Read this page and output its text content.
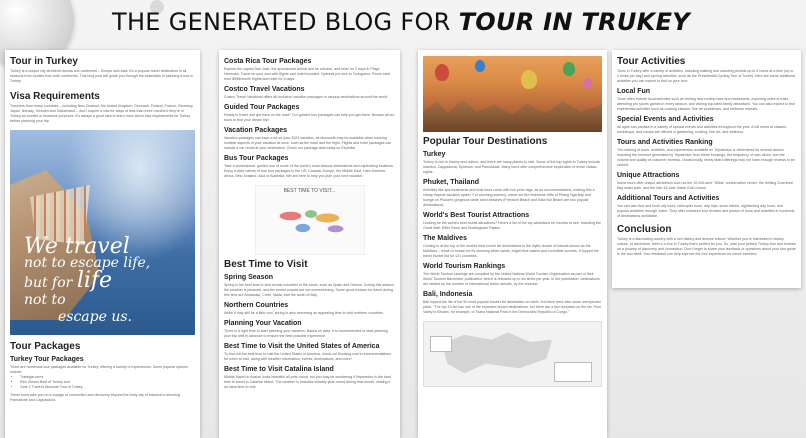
THE GENERATED BLOG FOR TOUR IN TRUKEY
Tour in Turkey
Turkey is a unique city stretched across two continents – Europe and Asia. It's a popular travel destination in all seasons from tourists from both continents. This blog post will guide you through the essentials of planning a tour in Turkey.
Visa Requirements
Travelers from many countries – including New Zealand, the United Kingdom, Denmark, Finland, France, Germany, Japan, Norway, Sweden and Switzerland – don't require a visa for stays of less than three months if they're in Turkey as tourists or business purposes. It's always a good idea to learn more about visa requirements for Turkey before planning your trip.
We travel
not to escape life,
but for life
not to
escape us.
Tour Packages
Turkey Tour Packages
There are numerous tour packages available for Turkey, offering a variety of experiences. Some popular options include:
• Trafalgar tours
• Rick Steves Best of Turkey tour
• Gate 1 Travel's Absolute Tour of Turkey
These tours take you on a voyage of connection and discovery beyond the lively city of Istanbul to stunning Pamukkale and Cappadocia.
Costa Rica Tour Packages
Explore the capital San José, the spectacular Arenal and its volcano, and relax for 3 days in Playa Hermosa. Travel on your own with flights and hotel included. Optional pre-tour to Tortuguero. Prices start from $598/month flights and hotel for 8 days.
Costco Travel Vacations
Costco Travel Vacations offers all-inclusive vacation packages to various destinations around the world.
Guided Tour Packages
Ready to travel and get back on the road? Our guided tour packages can help you get there. Browse all our tours to find your dream trip!
Vacation Packages
Vacation packages can save a lot on your 2024 vacation, as discounts may be available when booking multiple aspects of your vacation at once, such as the hotel and the flight. Flights and hotel packages can include a car rental at your destination. Check our package deal today on Expedia!
Bus Tour Packages
Take a professional, guided tour of some of the world's most famous destinations and captivating locations. Enjoy a wide variety of bus tour packages in the US, Canada, Europe, the Middle East, Latin America, Africa, New Zealand, Asia or Australia. We are here to help you plan your next vacation.
BEST TIME TO VISIT...
Best Time to Visit
Spring Season
Spring is the best time to visit certain countries in the south, such as Spain and Greece. During this season, the weather is pleasant, and the tourist crowds are not overwhelming. Some good choices for travel during this time are Andalusia, Crete, Malta, and the south of Italy.
Northern Countries
While it may still be a little cool, spring is also becoming an appealing time to visit northern countries.
Planning Your Vacation
There is a right time to start planning your vacation. Based on data, it is recommended to start planning your trip well in advance to ensure the best possible experience.
Best Time to Visit the United States of America
To find out the best time to visit the United States of America, check out Booking.com's recommendations for when to visit, along with weather information, events, destinations, and more!
Best Time to Visit Catalina Island
Middle March in Avalon looks beautiful all year round, but you may be wondering if September is the best time to travel to Catalina Island. The weather is beautiful virtually year-round during that month, making it an ideal time to visit.
Popular Tour Destinations
Turkey
Turkey is rich in history and culture, and there are many places to visit. Some of the top sights in Turkey include Istanbul, Cappadocia, Ephesus, and Pamukkale. Many tours offer comprehensive exploration of these classic sights.
Phuket, Thailand
Activities like spa treatments and boat tours come with low price tags, as do accommodations, making this a cheap tropical vacation option. For stunning scenery, check out the limestone cliffs of Phang Nga Bay and lounge on Phuket's gorgeous white sand beaches (Freedom Beach and Kata Noi Beach are two popular destinations).
World's Best Tourist Attractions
Looking for the world's best tourist attractions? Here's a list of the top attractions for tourists to see, including the Great Wall, Eiffel Tower and Buckingham Palace.
The Maldives
Coming in at the top of the world's best tourist list destinations is the idyllic cluster of islands known as the Maldives – which is known for its stunning white sands, bright blue waters and incredible sunsets. It topped the travel bucket list for 121 countries.
World Tourism Rankings
The World Tourism rankings are compiled by the United Nations World Tourism Organization as part of their World Tourism Barometer publication, which is released up to six times per year. In the publication, destinations are ranked by the number of international visitor arrivals, by the revenue.
Bali, Indonesia
Bali topped the list of the 50 most popular bucket list destination on earth, but there were also some unexpected picks. "The top 10 list has one of the expected dream destinations, but there are a few surprises on the list. Pure Valley in Bhutan, for example, or Tsavo National Park in the Democratic Republic of Congo."
Tour Activities
Tours in Turkey offer a variety of activities, including walking and standing periods up to 4 hours at a time (up to 2 times per day) and cycling activities, such as the Presidential Cycling Tour of Turkey. Here are some additional activities you can expect to find on your tour:
Local Fun
Tours often include local activities such as visiting new rooftop bars and restaurants, exploring miles of trails, attending pro sports games in every season, and visiting top-rated family attractions. You can also expect to find experiential activities such as cooking classes, fine art workshops, and wellness retreats.
Special Events and Activities
All ages can partake in a variety of special events and activities throughout the year. A full menu of classes, workshops, and camps are offered in gardening, cooking, fine art, and wellness.
Tours and Activities Ranking
The ranking of tours, activities, and experiences available on Tripadvisor is determined by several factors including the revenue generated by Tripadvisor from these bookings, the frequency of user clicks, and the volume and quality of customer reviews. Occasionally, newly listed offerings may not have enough reviews to be ranked.
Unique Attractions
Some tours offer unique attractions such as the 10,000-acre "Wilds" conservation center, the thrilling Zoombezi Bay water park, and the lush 18-hole Safari Golf Course.
Additional Tours and Activities
You can also find and book city tours, helicopter tours, day trips, show tickets, sightseeing day tours, and popular activities through Viator. They offer unbiased tour reviews and photos of tours and activities in hundreds of destinations worldwide.
Conclusion
Turkey is a fascinating country with a rich history and diverse culture. Whether you're interested in history, culture, or adventure, there's a tour in Turkey that's perfect for you. So, plan your perfect Turkey tour and embark on a journey of discovery and connection. Don't forget to share your feedback or questions about your tour guide in the tour itself. Your feedback can help improve the tour experience for future travelers.
